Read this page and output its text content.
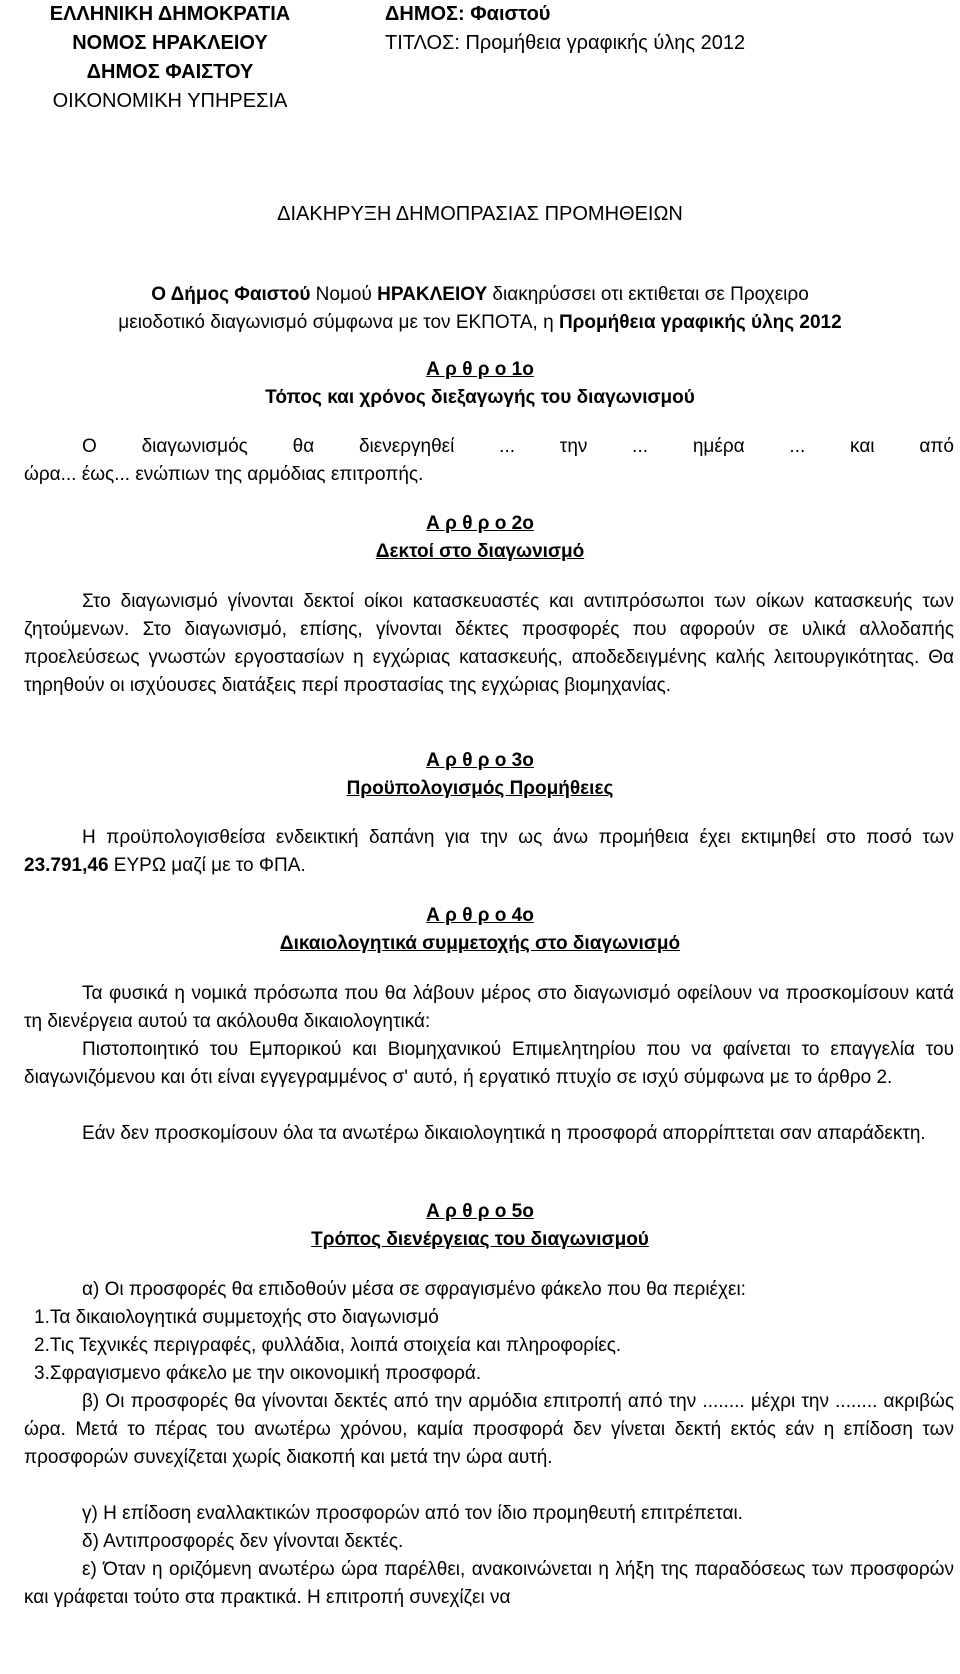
ΕΛΛΗΝΙΚΗ ΔΗΜΟΚΡΑΤΙΑ
ΝΟΜΟΣ ΗΡΑΚΛΕΙΟΥ
ΔΗΜΟΣ ΦΑΙΣΤΟΥ
ΟΙΚΟΝΟΜΙΚΗ ΥΠΗΡΕΣΙΑ
ΔΗΜΟΣ: Φαιστού
ΤΙΤΛΟΣ: Προμήθεια γραφικής ύλης 2012
ΔΙΑΚΗΡΥΞΗ ΔΗΜΟΠΡΑΣΙΑΣ ΠΡΟΜΗΘΕΙΩΝ
Ο Δήμος Φαιστού Νομού ΗΡΑΚΛΕΙΟΥ διακηρύσσει οτι εκτιθεται σε Προχειρο
μειοδοτικό διαγωνισμό σύμφωνα με τον ΕΚΠΟΤΑ, η Προμήθεια γραφικής ύλης 2012
Α ρ θ ρ ο 1ο
Τόπος και χρόνος διεξαγωγής του διαγωνισμού
Ο διαγωνισμός θα διενεργηθεί ... την ... ημέρα ... και από
ώρα... έως... ενώπιων της αρμόδιας επιτροπής.
Α ρ θ ρ ο 2ο
Δεκτοί στο διαγωνισμό
Στο διαγωνισμό γίνονται δεκτοί οίκοι κατασκευαστές και αντιπρόσωποι των οίκων κατασκευής των ζητούμενων. Στο διαγωνισμό, επίσης, γίνονται δέκτες προσφορές που αφορούν σε υλικά αλλοδαπής προελεύσεως γνωστών εργοστασίων η εγχώριας κατασκευής, αποδεδειγμένης καλής λειτουργικότητας. Θα τηρηθούν οι ισχύουσες διατάξεις περί προστασίας της εγχώριας βιομηχανίας.
Α ρ θ ρ ο 3ο
Προϋπολογισμός Προμήθειες
Η προϋπολογισθείσα ενδεικτική δαπάνη για την ως άνω προμήθεια έχει εκτιμηθεί στο ποσό των 23.791,46 ΕΥΡΩ μαζί με το ΦΠΑ.
Α ρ θ ρ ο 4ο
Δικαιολογητικά συμμετοχής στο διαγωνισμό
Τα φυσικά η νομικά πρόσωπα που θα λάβουν μέρος στο διαγωνισμό οφείλουν να προσκομίσουν κατά τη διενέργεια αυτού τα ακόλουθα δικαιολογητικά:
Πιστοποιητικό του Εμπορικού και Βιομηχανικού Επιμελητηρίου που να φαίνεται το επαγγελία του διαγωνιζόμενου και ότι είναι εγγεγραμμένος σ' αυτό, ή εργατικό πτυχίο σε ισχύ σύμφωνα με το άρθρο 2.
Εάν δεν προσκομίσουν όλα τα ανωτέρω δικαιολογητικά η προσφορά απορρίπτεται σαν απαράδεκτη.
Α ρ θ ρ ο 5ο
Τρόπος διενέργειας του διαγωνισμού
α) Οι προσφορές θα επιδοθούν μέσα σε σφραγισμένο φάκελο που θα περιέχει:
1.Τα δικαιολογητικά συμμετοχής στο διαγωνισμό
2.Τις Τεχνικές περιγραφές, φυλλάδια, λοιπά στοιχεία και πληροφορίες.
3.Σφραγισμενο φάκελο με την οικονομική προσφορά.
β) Οι προσφορές θα γίνονται δεκτές από την αρμόδια επιτροπή από την ........ μέχρι την ........ ακριβώς ώρα. Μετά το πέρας του ανωτέρω χρόνου, καμία προσφορά δεν γίνεται δεκτή εκτός εάν η επίδοση των προσφορών συνεχίζεται χωρίς διακοπή και μετά την ώρα αυτή.
γ) Η επίδοση εναλλακτικών προσφορών από τον ίδιο προμηθευτή επιτρέπεται.
δ) Αντιπροσφορές δεν γίνονται δεκτές.
ε) Όταν η οριζόμενη ανωτέρω ώρα παρέλθει, ανακοινώνεται η λήξη της παραδόσεως των προσφορών και γράφεται τούτο στα πρακτικά. Η επιτροπή συνεχίζει να
